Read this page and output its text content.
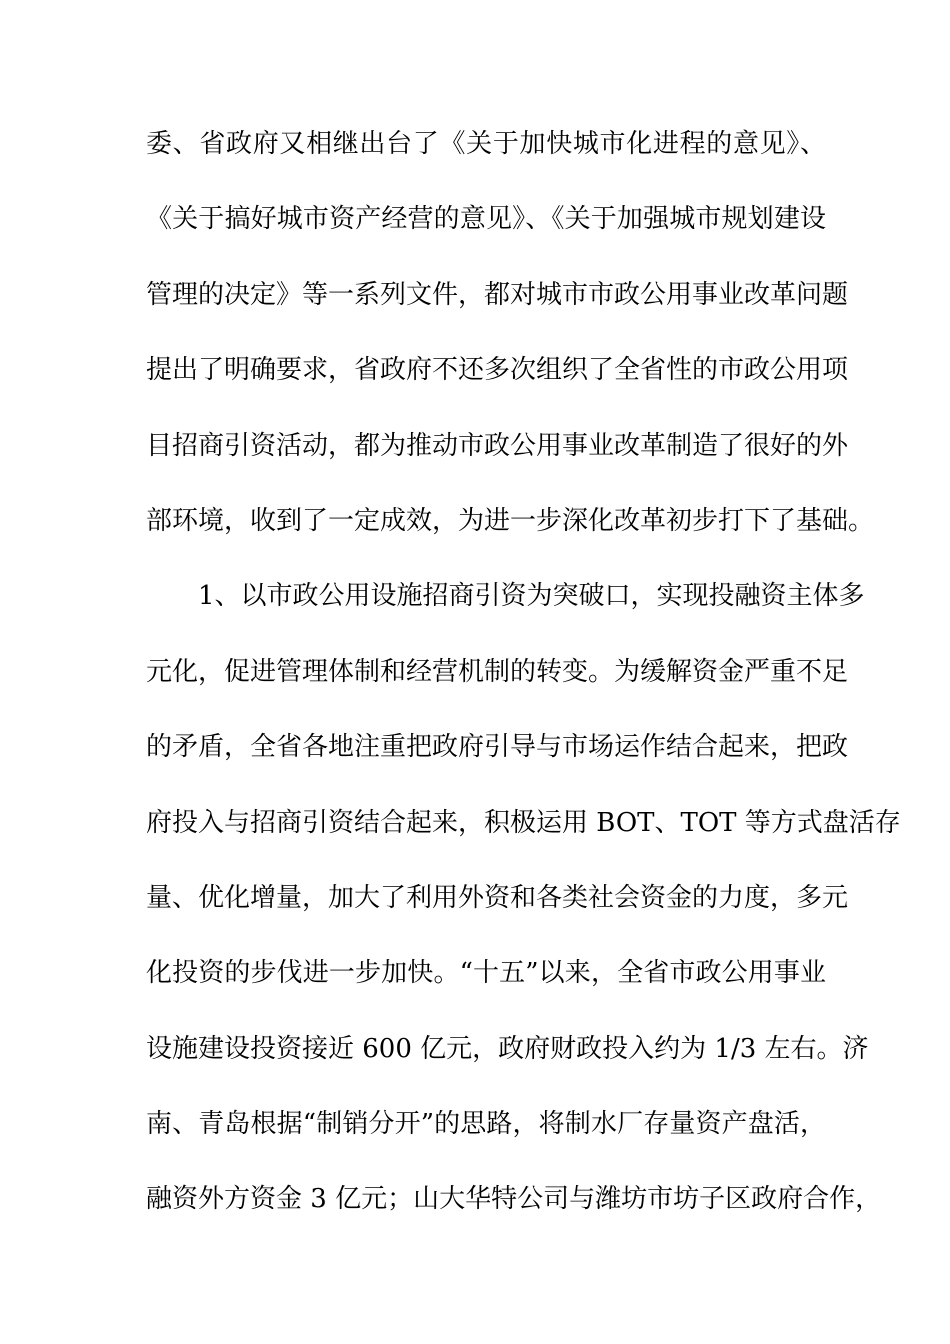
委、省政府又相继出台了《关于加快城市化进程的意见》、
《关于搞好城市资产经营的意见》、《关于加强城市规划建设
管理的决定》等一系列文件，都对城市市政公用事业改革问题
提出了明确要求，省政府不还多次组织了全省性的市政公用项
目招商引资活动，都为推动市政公用事业改革制造了很好的外
部环境，收到了一定成效，为进一步深化改革初步打下了基础。
1、以市政公用设施招商引资为突破口，实现投融资主体多
元化，促进管理体制和经营机制的转变。为缓解资金严重不足
的矛盾，全省各地注重把政府引导与市场运作结合起来，把政
府投入与招商引资结合起来，积极运用 BOT、TOT 等方式盘活存
量、优化增量，加大了利用外资和各类社会资金的力度，多元
化投资的步伐进一步加快。“十五”以来，全省市政公用事业
设施建设投资接近 600 亿元，政府财政投入约为 1/3 左右。济
南、青岛根据“制销分开”的思路，将制水厂存量资产盘活，
融资外方资金 3 亿元；山大华特公司与潍坊市坊子区政府合作，
